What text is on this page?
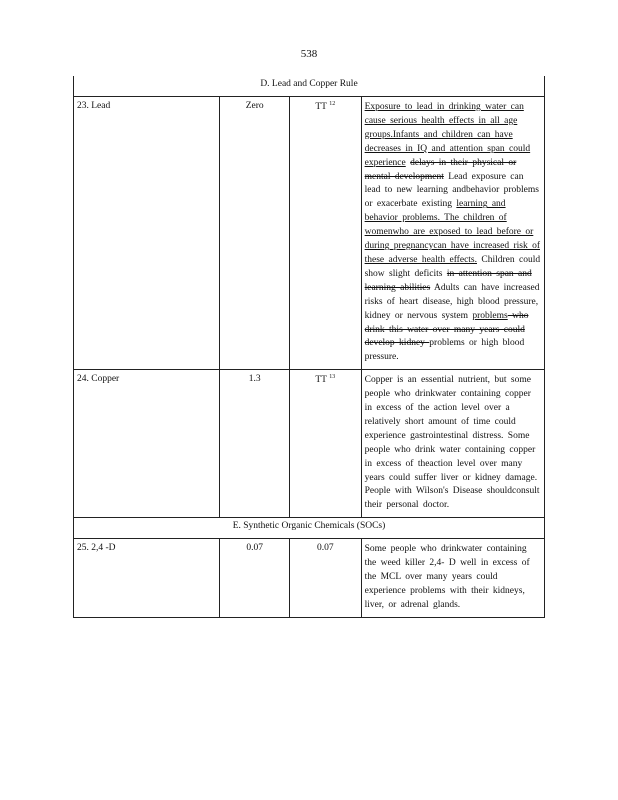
538
D. Lead and Copper Rule			
23. Lead	Zero	TT $^{12}$	Exposure to lead in drinking water can cause serious health effects in all age groups.Infants and children can have decreases in IQ and attention span could experience delays in their physical or mental development Lead exposure can lead to new learning andbehavior problems or exacerbate existing learning and behavior problems. The children of womenwho are exposed to lead before or during pregnancycan have increased risk of these adverse health effects. Children could show slight deficits in attention span and learning abilities Adults can have increased risks of heart disease, high blood pressure, kidney or nervous system problems who drink this water over many years could develop kidney problems or high blood pressure.
24. Copper	1.3	TT $^{13}$	Copper is an essential nutrient, but some people who drinkwater containing copper in excess of the action level over a relatively short amount of time could experience gastrointestinal distress. Some people who drink water containing copper in excess of theaction level over many years could suffer liver or kidney damage. People with Wilson's Disease shouldconsult their personal doctor.
E. Synthetic Organic Chemicals (SOCs)			
25. 2,4 -D	0.07	0.07	Some people who drinkwater containing the weed killer 2,4- D well in excess of the MCL over many years could experience problems with their kidneys, liver, or adrenal glands.
